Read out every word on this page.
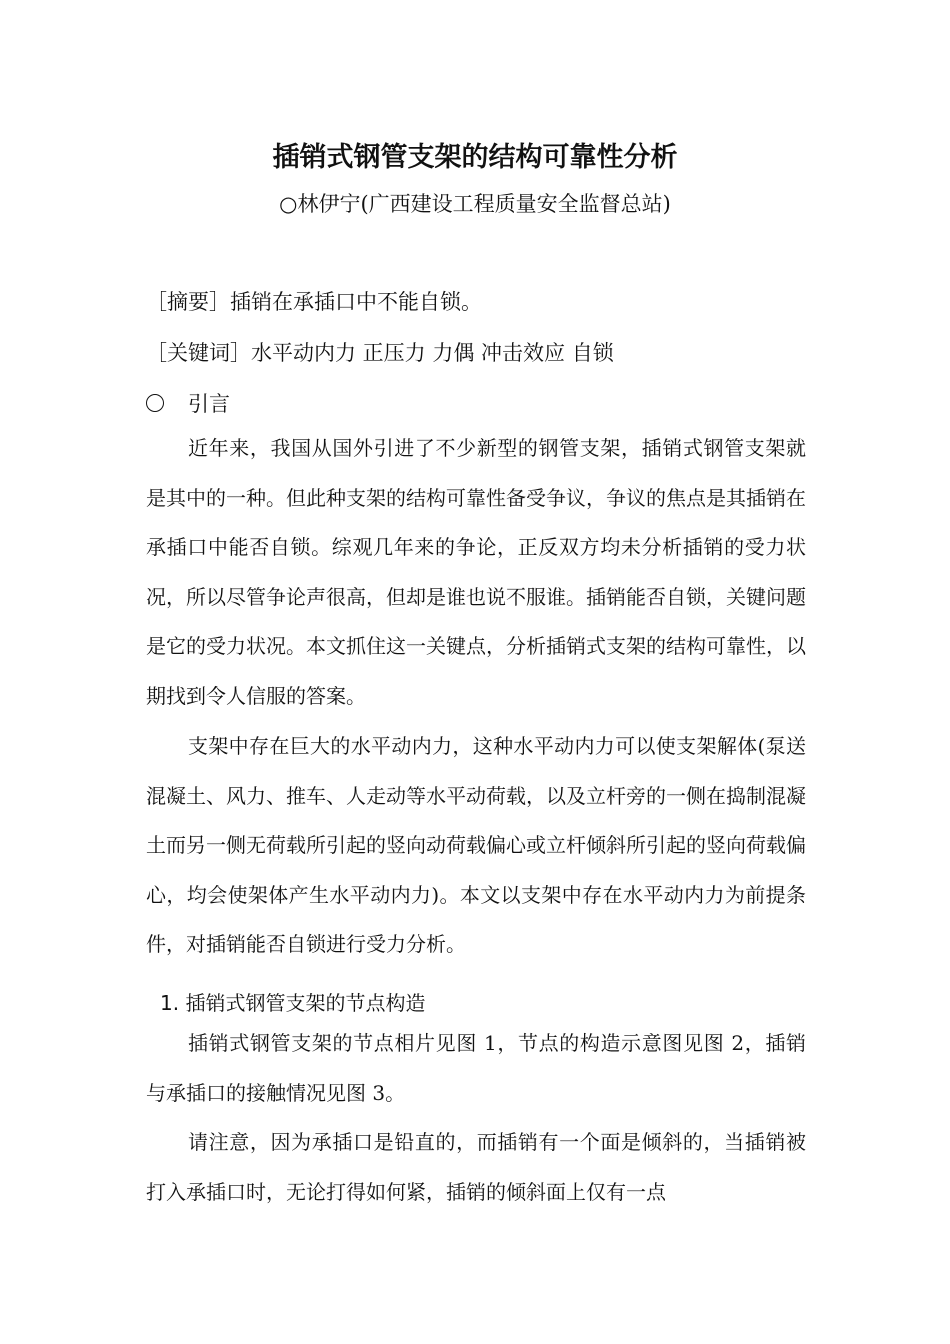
插销式钢管支架的结构可靠性分析
○林伊宁(广西建设工程质量安全监督总站)
［摘要］插销在承插口中不能自锁。
［关键词］水平动内力 正压力 力偶 冲击效应 自锁
引言

近年来，我国从国外引进了不少新型的钢管支架，插销式钢管支架就是其中的一种。但此种支架的结构可靠性备受争议，争议的焦点是其插销在承插口中能否自锁。综观几年来的争论，正反双方均未分析插销的受力状况，所以尽管争论声很高，但却是谁也说不服谁。插销能否自锁，关键问题是它的受力状况。本文抓住这一关键点，分析插销式支架的结构可靠性，以期找到令人信服的答案。

支架中存在巨大的水平动内力，这种水平动内力可以使支架解体(泵送混凝土、风力、推车、人走动等水平动荷载，以及立杆旁的一侧在捣制混凝土而另一侧无荷载所引起的竖向动荷载偏心或立杆倾斜所引起的竖向荷载偏心，均会使架体产生水平动内力)。本文以支架中存在水平动内力为前提条件，对插销能否自锁进行受力分析。

1. 插销式钢管支架的节点构造

插销式钢管支架的节点相片见图 1，节点的构造示意图见图 2，插销与承插口的接触情况见图 3。

请注意，因为承插口是铅直的，而插销有一个面是倾斜的，当插销被打入承插口时，无论打得如何紧，插销的倾斜面上仅有一点
